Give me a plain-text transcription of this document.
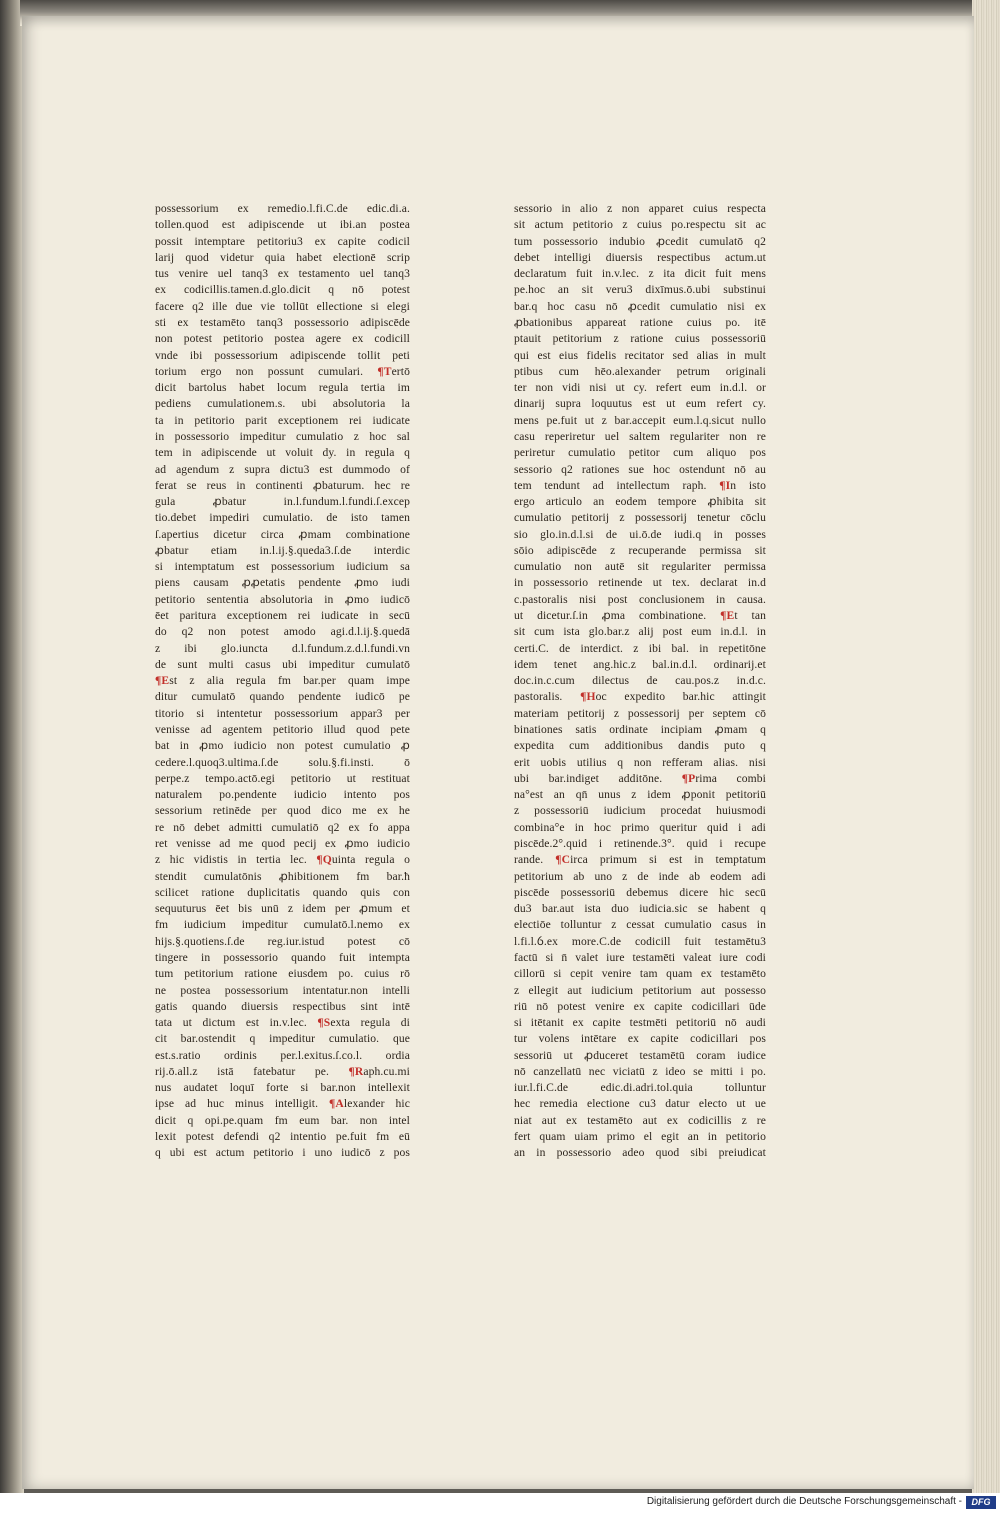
possessorium ex remedio.l.fi.C.de edic.di.a.
tollen.quod est adipiscende ut ibi.an postea
possit intemptare petitoriu3 ex capite codicil
larij quod videtur quia habet electionē scrip
tus venire uel tanq3 ex testamento uel tanq3
ex codicillis.tamen.d.glo.dicit q nō potest
facere q2 ille due vie tollūt ellectione si elegi
sti ex testamēto tanq3 possessorio adipiscēde
non potest petitorio postea agere ex codicill
vnde ibi possessorium adipiscende tollit peti
torium ergo non possunt cumulari. ¶Tertō
dicit bartolus habet locum regula tertia im
pediens cumulationem.s. ubi absolutoria la
ta in petitorio parit exceptionem rei iudicate
in possessorio impeditur cumulatio z hoc sal
tem in adipiscende ut voluit dy. in regula q
ad agendum z supra dictu3 est dummodo of
ferat se reus in continenti ꝓbaturum. hec re
gula ꝓbatur in.l.fundum.l.fundi.ſ.excep
tio.debet impediri cumulatio. de isto tamen
ſ.apertius dicetur circa ꝓmam combinatione
ꝓbatur etiam in.l.ij.§.queda3.ſ.de interdic
si intemptatum est possessorium iudicium sa
piens causam ꝓꝓetatis pendente ꝓmo iudi
petitorio sententia absolutoria in ꝓmo iudicō
ēet paritura exceptionem rei iudicate in secū
do q2 non potest amodo agi.d.l.ij.§.quedā
z ibi glo.iuncta d.l.fundum.z.d.l.fundi.vn
de sunt multi casus ubi impeditur cumulatō
¶Est z alia regula fm bar.per quam impe
ditur cumulatō quando pendente iudicō pe
titorio si intentetur possessorium appar3 per
venisse ad agentem petitorio illud quod pete
bat in ꝓmo iudicio non potest cumulatio ꝓ
cedere.l.quoq3.ultima.ſ.de solu.§.fi.insti. ō
perpe.z tempo.actō.egi petitorio ut restituat
naturalem po.pendente iudicio intento pos
sessorium retinēde per quod dico me ex he
re nō debet admitti cumulatiō q2 ex fo appa
ret venisse ad me quod pecij ex ꝓmo iudicio
z hic vidistis in tertia lec. ¶Quinta regula o
stendit cumulatōnis ꝓhibitionem fm bar.ħ
scilicet ratione duplicitatis quando quis con
sequuturus ēet bis unū z idem per ꝓmum et
fm iudicium impeditur cumulatō.l.nemo ex
hijs.§.quotiens.ſ.de reg.iur.istud potest cō
tingere in possessorio quando fuit intempta
tum petitorium ratione eiusdem po. cuius rō
ne postea possessorium intentatur.non intelli
gatis quando diuersis respectibus sint intē
tata ut dictum est in.v.lec. ¶Sexta regula di
cit bar.ostendit q impeditur cumulatio. que
est.s.ratio ordinis per.l.exitus.ſ.co.l. ordia
rij.ō.all.z istā fatebatur pe. ¶Raph.cu.mi
nus audatet loquī forte si bar.non intellexit
ipse ad huc minus intelligit. ¶Alexander hic
dicit q opi.pe.quam fm eum bar. non intel
lexit potest defendi q2 intentio pe.fuit fm eū
q ubi est actum petitorio i uno iudicō z pos
sessorio in alio z non apparet cuius respecta
sit actum petitorio z cuius po.respectu sit ac
tum possessorio indubio ꝓcedit cumulatō q2
debet intelligi diuersis respectibus actum.ut
declaratum fuit in.v.lec. z ita dicit fuit mens
pe.hoc an sit veru3 dixīmus.ō.ubi substinui
bar.q hoc casu nō ꝓcedit cumulatio nisi ex
ꝓbationibus appareat ratione cuius po. itē
ptauit petitorium z ratione cuius possessoriū
qui est eius fidelis recitator sed alias in mult
ptibus cum hēo.alexander petrum originali
ter non vidi nisi ut cy. refert eum in.d.l. or
dinarij supra loquutus est ut eum refert cy.
mens pe.fuit ut z bar.accepit eum.l.q.sicut nullo
casu reperiretur uel saltem regulariter non re
periretur cumulatio petitor cum aliquo pos
sessorio q2 rationes sue hoc ostendunt nō au
tem tendunt ad intellectum raph. ¶In isto
ergo articulo an eodem tempore ꝓhibita sit
cumulatio petitorij z possessorij tenetur cōclu
sio glo.in.d.l.si de ui.ō.de iudi.q in posses
sōio adipiscēde z recuperande permissa sit
cumulatio non autē sit regulariter permissa
in possessorio retinende ut tex. declarat in.d
c.pastoralis nisi post conclusionem in causa.
ut dicetur.ſ.in ꝓma combinatione. ¶Et tan
sit cum ista glo.bar.z alij post eum in.d.l. in
certi.C. de interdict. z ibi bal. in repetitōne
idem tenet ang.hic.z bal.in.d.l. ordinarij.et
doc.in.c.cum dilectus de cau.pos.z in.d.c.
pastoralis. ¶Hoc expedito bar.hic attingit
materiam petitorij z possessorij per septem cō
binationes satis ordinate incipiam ꝓmam q
expedita cum additionibus dandis puto q
erit uobis utilius q non refferam alias. nisi
ubi bar.indiget additōne. ¶Prima combi
na°est an qn̄ unus z idem ꝓponit petitoriū
z possessoriū iudicium procedat huiusmodi
combina°e in hoc primo queritur quid i adi
piscēde.2°.quid i retinende.3°. quid i recupe
rande. ¶Circa primum si est in temptatum
petitorium ab uno z de inde ab eodem adi
piscēde possessoriū debemus dicere hic secū
du3 bar.aut ista duo iudicia.sic se habent q
electiōe tolluntur z cessat cumulatio casus in
l.fi.l.ỽ.ex more.C.de codicill fuit testamētu3
factū si n̄ valet iure testamēti valeat iure codi
cillorū si cepit venire tam quam ex testamēto
z ellegit aut iudicium petitorium aut possesso
riū nō potest venire ex capite codicillari ūde
si itētanit ex capite testmēti petitoriū nō audi
tur volens intētare ex capite codicillari pos
sessoriū ut ꝓduceret testamētū coram iudice
nō canzellatū nec viciatū z ideo se mitti i po.
iur.l.fi.C.de edic.di.adri.tol.quia tolluntur
hec remedia electione cu3 datur electo ut ue
niat aut ex testamēto aut ex codicillis z re
fert quam uiam primo el egit an in petitorio
an in possessorio adeo quod sibi preiudicat
Digitalisierung gefördert durch die Deutsche Forschungsgemeinschaft -	DFG
